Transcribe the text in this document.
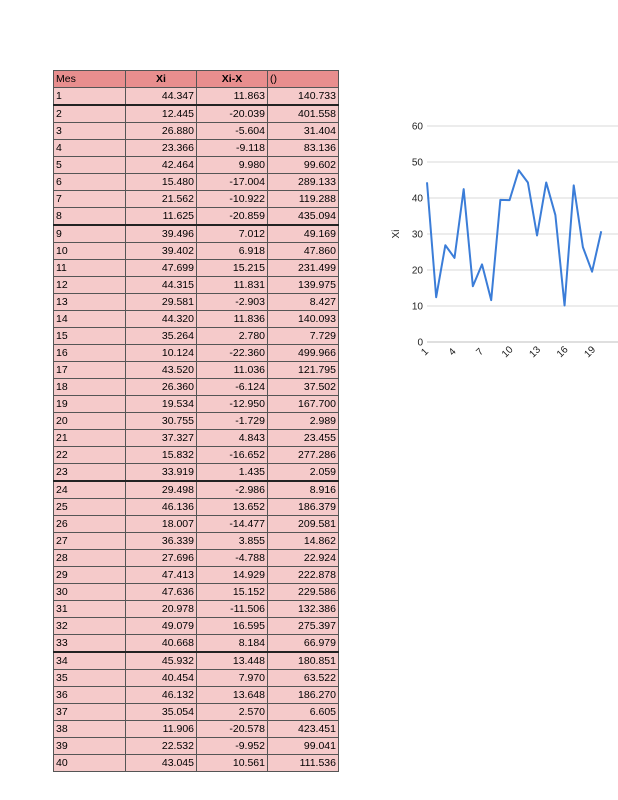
Mes	Xi	Xi-X	()
1	44.347	11.863	140.733
2	12.445	-20.039	401.558
3	26.880	-5.604	31.404
4	23.366	-9.118	83.136
5	42.464	9.980	99.602
6	15.480	-17.004	289.133
7	21.562	-10.922	119.288
8	11.625	-20.859	435.094
9	39.496	7.012	49.169
10	39.402	6.918	47.860
11	47.699	15.215	231.499
12	44.315	11.831	139.975
13	29.581	-2.903	8.427
14	44.320	11.836	140.093
15	35.264	2.780	7.729
16	10.124	-22.360	499.966
17	43.520	11.036	121.795
18	26.360	-6.124	37.502
19	19.534	-12.950	167.700
20	30.755	-1.729	2.989
21	37.327	4.843	23.455
22	15.832	-16.652	277.286
23	33.919	1.435	2.059
24	29.498	-2.986	8.916
25	46.136	13.652	186.379
26	18.007	-14.477	209.581
27	36.339	3.855	14.862
28	27.696	-4.788	22.924
29	47.413	14.929	222.878
30	47.636	15.152	229.586
31	20.978	-11.506	132.386
32	49.079	16.595	275.397
33	40.668	8.184	66.979
34	45.932	13.448	180.851
35	40.454	7.970	63.522
36	46.132	13.648	186.270
37	35.054	2.570	6.605
38	11.906	-20.578	423.451
39	22.532	-9.952	99.041
40	43.045	10.561	111.536
0
10
20
30
40
50
60
Xi
1 4 7 10 13 16 19
